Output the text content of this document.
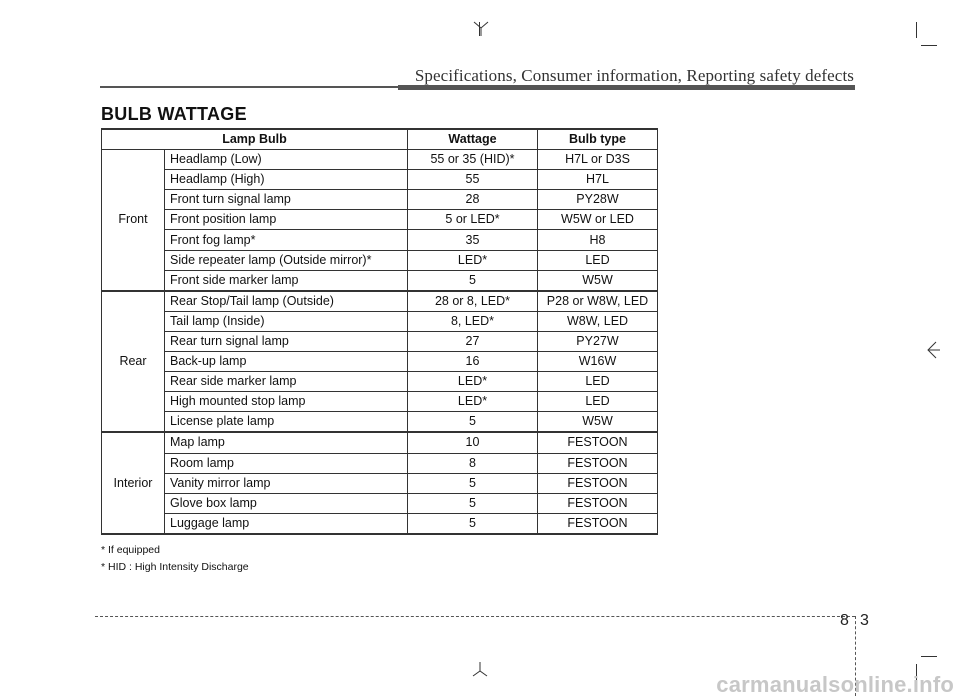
Specifications, Consumer information, Reporting safety defects
BULB WATTAGE
Lamp Bulb		Wattage	Bulb type
Front	Headlamp (Low)	55 or 35 (HID)*	H7L or D3S
	Headlamp (High)	55	H7L
	Front turn signal lamp	28	PY28W
	Front position lamp	5 or LED*	W5W or LED
	Front fog lamp*	35	H8
	Side repeater lamp (Outside mirror)*	LED*	LED
	Front side marker lamp	5	W5W
Rear	Rear Stop/Tail lamp (Outside)	28 or 8, LED*	P28 or W8W, LED
	Tail lamp (Inside)	8, LED*	W8W, LED
	Rear turn signal lamp	27	PY27W
	Back-up lamp	16	W16W
	Rear side marker lamp	LED*	LED
	High mounted stop lamp	LED*	LED
	License plate lamp	5	W5W
Interior	Map lamp	10	FESTOON
	Room lamp	8	FESTOON
	Vanity mirror lamp	5	FESTOON
	Glove box lamp	5	FESTOON
	Luggage lamp	5	FESTOON
* If equipped
* HID : High Intensity Discharge
8 3
carmanualsonline.info
